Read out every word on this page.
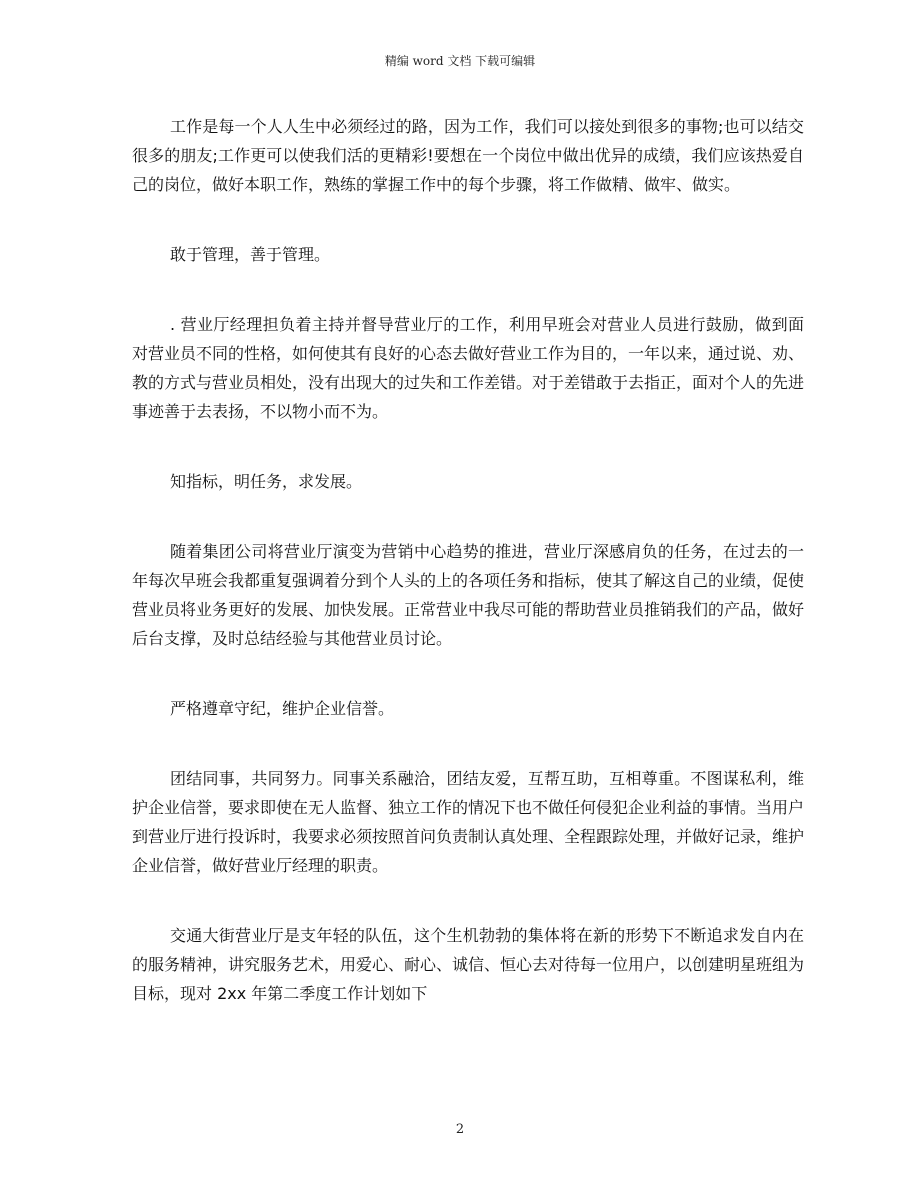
精编 word 文档 下载可编辑

工作是每一个人人生中必须经过的路，因为工作，我们可以接处到很多的事物;也可以结交很多的朋友;工作更可以使我们活的更精彩!要想在一个岗位中做出优异的成绩，我们应该热爱自己的岗位，做好本职工作，熟练的掌握工作中的每个步骤，将工作做精、做牢、做实。

敢于管理，善于管理。

. 营业厅经理担负着主持并督导营业厅的工作，利用早班会对营业人员进行鼓励，做到面对营业员不同的性格，如何使其有良好的心态去做好营业工作为目的，一年以来，通过说、劝、教的方式与营业员相处，没有出现大的过失和工作差错。对于差错敢于去指正，面对个人的先进事迹善于去表扬，不以物小而不为。

知指标，明任务，求发展。

随着集团公司将营业厅演变为营销中心趋势的推进，营业厅深感肩负的任务，在过去的一年每次早班会我都重复强调着分到个人头的上的各项任务和指标，使其了解这自己的业绩，促使营业员将业务更好的发展、加快发展。正常营业中我尽可能的帮助营业员推销我们的产品，做好后台支撑，及时总结经验与其他营业员讨论。

严格遵章守纪，维护企业信誉。

团结同事，共同努力。同事关系融洽，团结友爱，互帮互助，互相尊重。不图谋私利，维护企业信誉，要求即使在无人监督、独立工作的情况下也不做任何侵犯企业利益的事情。当用户到营业厅进行投诉时，我要求必须按照首问负责制认真处理、全程跟踪处理，并做好记录，维护企业信誉，做好营业厅经理的职责。

交通大街营业厅是支年轻的队伍，这个生机勃勃的集体将在新的形势下不断追求发自内在的服务精神，讲究服务艺术，用爱心、耐心、诚信、恒心去对待每一位用户，以创建明星班组为目标，现对 2xx 年第二季度工作计划如下

2
